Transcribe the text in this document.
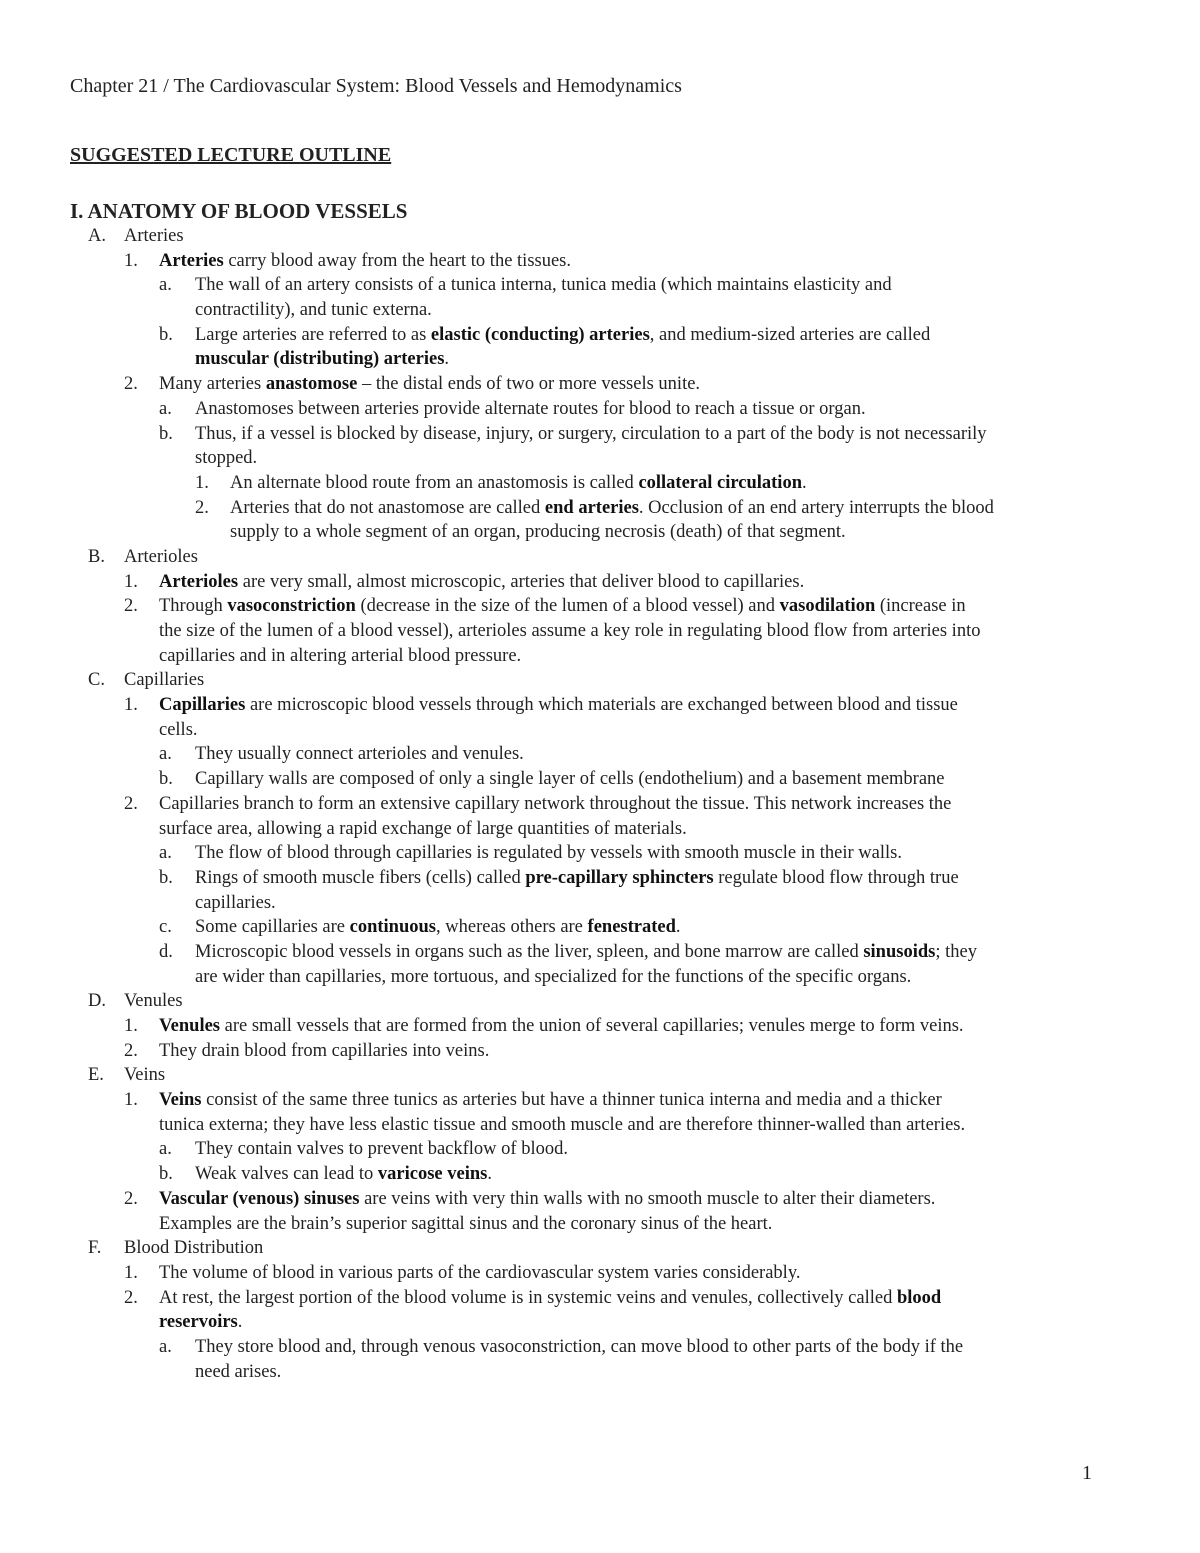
Chapter 21 / The Cardiovascular System: Blood Vessels and Hemodynamics
SUGGESTED LECTURE OUTLINE
I. ANATOMY OF BLOOD VESSELS
A. Arteries
1. Arteries carry blood away from the heart to the tissues.
a. The wall of an artery consists of a tunica interna, tunica media (which maintains elasticity and
contractility), and tunic externa.
b. Large arteries are referred to as elastic (conducting) arteries, and medium-sized arteries are called
muscular (distributing) arteries.
2. Many arteries anastomose – the distal ends of two or more vessels unite.
a. Anastomoses between arteries provide alternate routes for blood to reach a tissue or organ.
b. Thus, if a vessel is blocked by disease, injury, or surgery, circulation to a part of the body is not necessarily
stopped.
1. An alternate blood route from an anastomosis is called collateral circulation.
2. Arteries that do not anastomose are called end arteries. Occlusion of an end artery interrupts the blood
supply to a whole segment of an organ, producing necrosis (death) of that segment.
B. Arterioles
1. Arterioles are very small, almost microscopic, arteries that deliver blood to capillaries.
2. Through vasoconstriction (decrease in the size of the lumen of a blood vessel) and vasodilation (increase in
the size of the lumen of a blood vessel), arterioles assume a key role in regulating blood flow from arteries into
capillaries and in altering arterial blood pressure.
C. Capillaries
1. Capillaries are microscopic blood vessels through which materials are exchanged between blood and tissue
cells.
a. They usually connect arterioles and venules.
b. Capillary walls are composed of only a single layer of cells (endothelium) and a basement membrane
2. Capillaries branch to form an extensive capillary network throughout the tissue. This network increases the
surface area, allowing a rapid exchange of large quantities of materials.
a. The flow of blood through capillaries is regulated by vessels with smooth muscle in their walls.
b. Rings of smooth muscle fibers (cells) called pre-capillary sphincters regulate blood flow through true
capillaries.
c. Some capillaries are continuous, whereas others are fenestrated.
d. Microscopic blood vessels in organs such as the liver, spleen, and bone marrow are called sinusoids; they
are wider than capillaries, more tortuous, and specialized for the functions of the specific organs.
D. Venules
1. Venules are small vessels that are formed from the union of several capillaries; venules merge to form veins.
2. They drain blood from capillaries into veins.
E. Veins
1. Veins consist of the same three tunics as arteries but have a thinner tunica interna and media and a thicker
tunica externa; they have less elastic tissue and smooth muscle and are therefore thinner-walled than arteries.
a. They contain valves to prevent backflow of blood.
b. Weak valves can lead to varicose veins.
2. Vascular (venous) sinuses are veins with very thin walls with no smooth muscle to alter their diameters.
Examples are the brain’s superior sagittal sinus and the coronary sinus of the heart.
F. Blood Distribution
1. The volume of blood in various parts of the cardiovascular system varies considerably.
2. At rest, the largest portion of the blood volume is in systemic veins and venules, collectively called blood
reservoirs.
a. They store blood and, through venous vasoconstriction, can move blood to other parts of the body if the
need arises.
1
